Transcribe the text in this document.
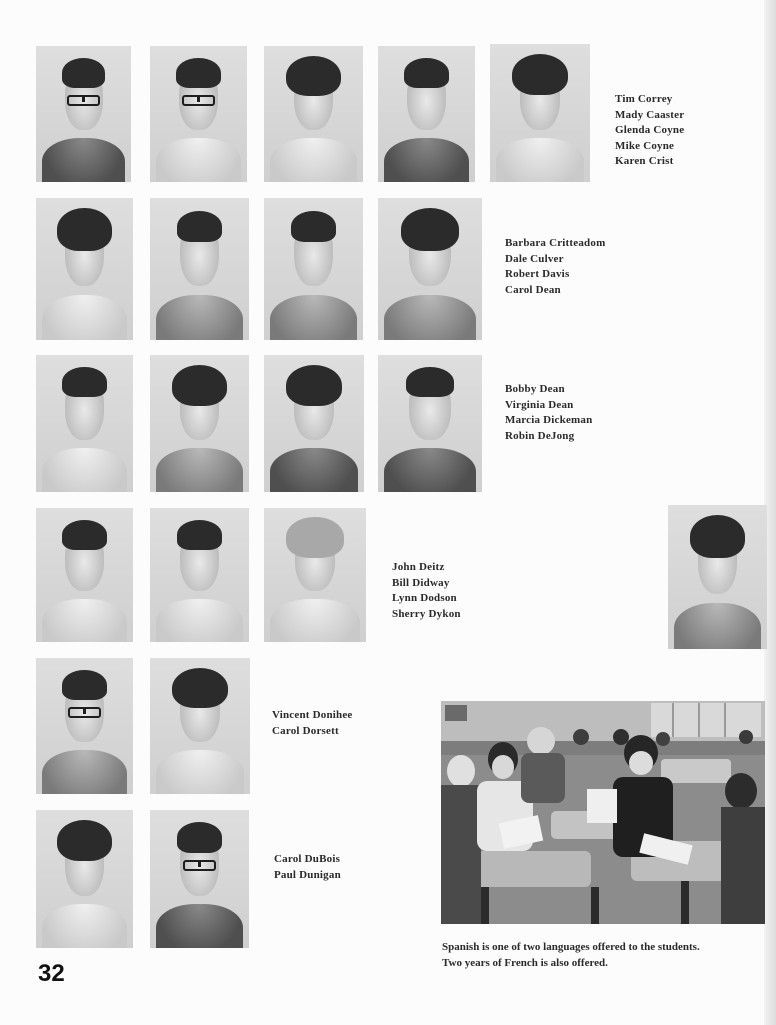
Tim Correy
Mady Caaster
Glenda Coyne
Mike Coyne
Karen Crist
Barbara Critteadom
Dale Culver
Robert Davis
Carol Dean
Bobby Dean
Virginia Dean
Marcia Dickeman
Robin DeJong
John Deitz
Bill Didway
Lynn Dodson
Sherry Dykon
Vincent Donihee
Carol Dorsett
Carol DuBois
Paul Dunigan
Spanish is one of two languages offered to the students.
Two years of French is also offered.
32
